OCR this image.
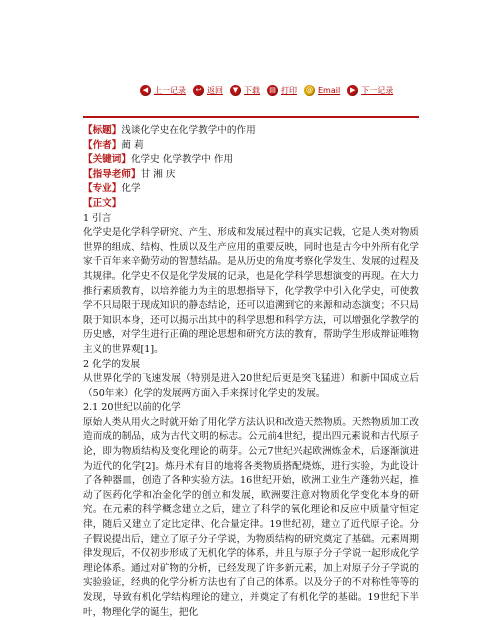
◀ 上一记录	↩ 返回	▼ 下载	▤ 打印 @ Email	▶ 下一记录
【标题】浅谈化学史在化学教学中的作用
【作者】蔺 莉
【关键词】化学史 化学教学中 作用
【指导老师】甘 湘 庆
【专业】化学
【正文】

1 引言

化学史是化学科学研究、产生、形成和发展过程中的真实记载，它是人类对物质世界的组成、结构、性质以及生产应用的重要反映，同时也是古今中外所有化学家千百年来辛勤劳动的智慧结晶。是从历史的角度考察化学发生、发展的过程及其规律。化学史不仅是化学发展的记录，也是化学科学思想演变的再现。在大力推行素质教育，以培养能力为主的思想指导下，化学教学中引入化学史，可使教学不只局限于现成知识的静态结论，还可以追溯到它的来源和动态演变；不只局限于知识本身，还可以揭示出其中的科学思想和科学方法，可以增强化学教学的历史感，对学生进行正确的理论思想和研究方法的教育，帮助学生形成辩证唯物主义的世界观[1]。

2 化学的发展

从世界化学的飞速发展（特别是进入20世纪后更是突飞猛进）和新中国成立后（50年来）化学的发展两方面入手来探讨化学史的发展。

2.1 20世纪以前的化学

原始人类从用火之时就开始了用化学方法认识和改造天然物质。天然物质加工改造而成的制品，成为古代文明的标志。公元前4世纪，提出四元素说和古代原子论，即为物质结构及变化理论的萌芽。公元7世纪兴起欧洲炼金术，后逐渐演进为近代的化学[2]。炼丹术有目的地将各类物质搭配烧炼，进行实验，为此设计了各种器皿，创造了各种实验方法。16世纪开始，欧洲工业生产蓬勃兴起，推动了医药化学和冶金化学的创立和发展，欧洲要注意对物质化学变化本身的研究。在元素的科学概念建立之后，建立了科学的氧化理论和反应中质量守恒定律，随后又建立了定比定律、化合量定律。19世纪初，建立了近代原子论。分子假说提出后，建立了原子分子学说，为物质结构的研究奠定了基础。元素周期律发现后，不仅初步形成了无机化学的体系，并且与原子分子学说一起形成化学理论体系。通过对矿物的分析，已经发现了许多新元素，加上对原子分子学说的实验验证，经典的化学分析方法也有了自己的体系。以及分子的不对称性等等的发现，导致有机化学结构理论的建立，并奠定了有机化学的基础。19世纪下半叶，物理化学的诞生，把化
